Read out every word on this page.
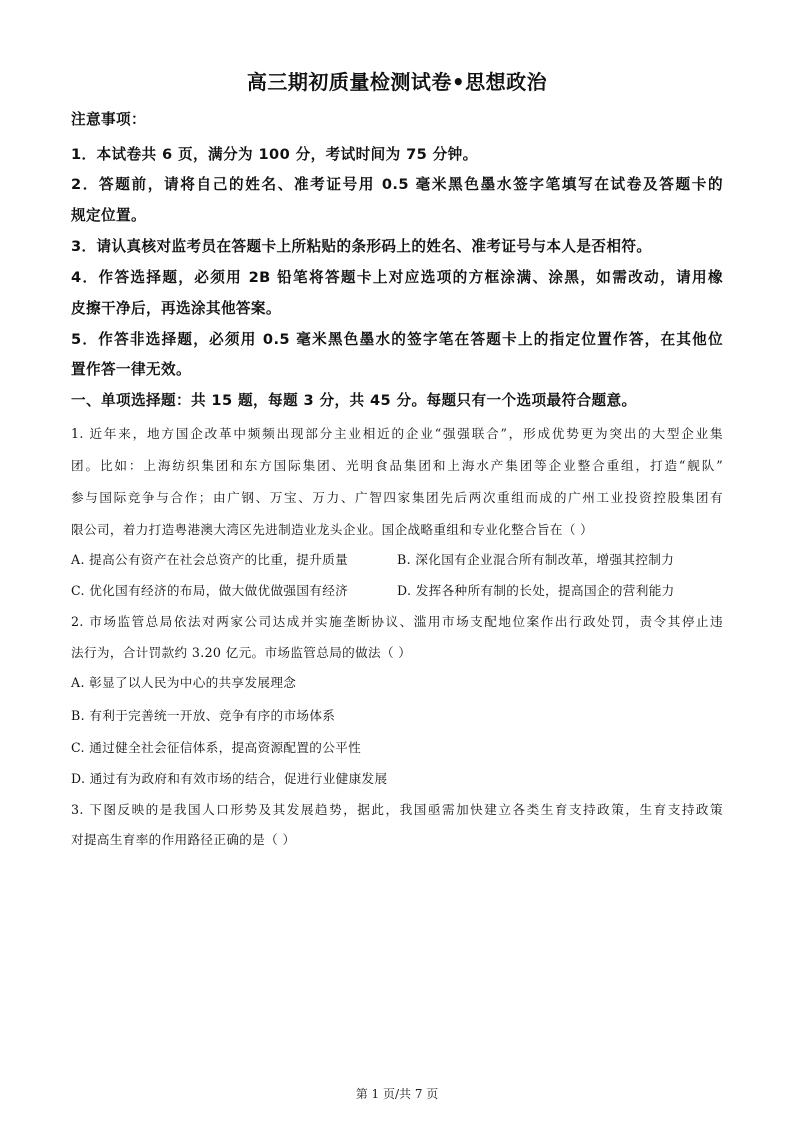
高三期初质量检测试卷•思想政治
注意事项：
1．本试卷共 6 页，满分为 100 分，考试时间为 75 分钟。
2．答题前，请将自己的姓名、准考证号用 0.5 毫米黑色墨水签字笔填写在试卷及答题卡的
规定位置。
3．请认真核对监考员在答题卡上所粘贴的条形码上的姓名、准考证号与本人是否相符。
4．作答选择题，必须用 2B 铅笔将答题卡上对应选项的方框涂满、涂黑，如需改动，请用橡
皮擦干净后，再选涂其他答案。
5．作答非选择题，必须用 0.5 毫米黑色墨水的签字笔在答题卡上的指定位置作答，在其他位
置作答一律无效。
一、单项选择题：共 15 题，每题 3 分，共 45 分。每题只有一个选项最符合题意。
1. 近年来，地方国企改革中频频出现部分主业相近的企业“强强联合”，形成优势更为突出的大型企业集
团。比如：上海纺织集团和东方国际集团、光明食品集团和上海水产集团等企业整合重组，打造“舰队”
参与国际竞争与合作；由广钢、万宝、万力、广智四家集团先后两次重组而成的广州工业投资控股集团有
限公司，着力打造粤港澳大湾区先进制造业龙头企业。国企战略重组和专业化整合旨在（ ）
A. 提高公有资产在社会总资产的比重，提升质量	B. 深化国有企业混合所有制改革，增强其控制力
C. 优化国有经济的布局，做大做优做强国有经济	D. 发挥各种所有制的长处，提高国企的营利能力
2. 市场监管总局依法对两家公司达成并实施垄断协议、滥用市场支配地位案作出行政处罚，责令其停止违
法行为，合计罚款约 3.20 亿元。市场监管总局的做法（ ）
A. 彰显了以人民为中心的共享发展理念
B. 有利于完善统一开放、竞争有序的市场体系
C. 通过健全社会征信体系，提高资源配置的公平性
D. 通过有为政府和有效市场的结合，促进行业健康发展
3. 下图反映的是我国人口形势及其发展趋势，据此，我国亟需加快建立各类生育支持政策，生育支持政策
对提高生育率的作用路径正确的是（ ）
第 1 页/共 7 页
